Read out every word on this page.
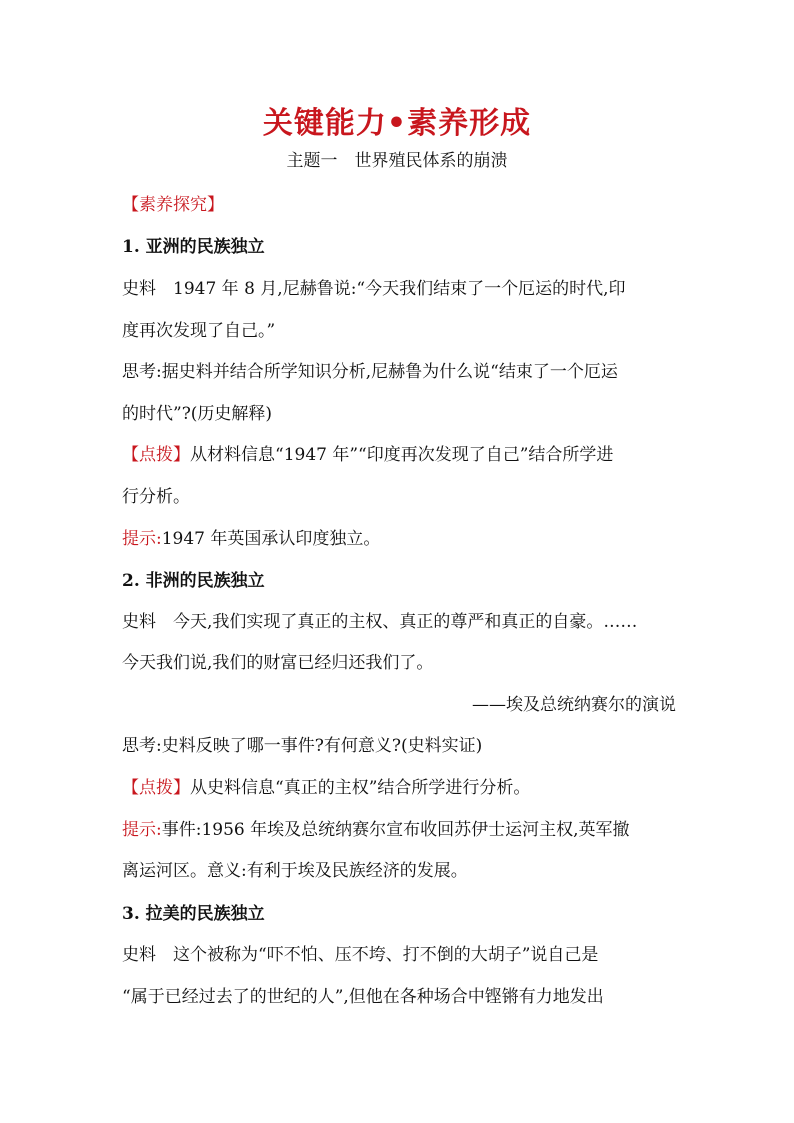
关键能力•素养形成
主题一　世界殖民体系的崩溃
【素养探究】
1. 亚洲的民族独立
史料　1947 年 8 月,尼赫鲁说:“今天我们结束了一个厄运的时代,印
度再次发现了自己。”
思考:据史料并结合所学知识分析,尼赫鲁为什么说“结束了一个厄运
的时代”?(历史解释)
【点拨】从材料信息“1947 年”“印度再次发现了自己”结合所学进
行分析。
提示:1947 年英国承认印度独立。
2. 非洲的民族独立
史料　今天,我们实现了真正的主权、真正的尊严和真正的自豪。……
今天我们说,我们的财富已经归还我们了。
——埃及总统纳赛尔的演说
思考:史料反映了哪一事件?有何意义?(史料实证)
【点拨】从史料信息“真正的主权”结合所学进行分析。
提示:事件:1956 年埃及总统纳赛尔宣布收回苏伊士运河主权,英军撤
离运河区。意义:有利于埃及民族经济的发展。
3. 拉美的民族独立
史料　这个被称为“吓不怕、压不垮、打不倒的大胡子”说自己是
“属于已经过去了的世纪的人”,但他在各种场合中铿锵有力地发出
